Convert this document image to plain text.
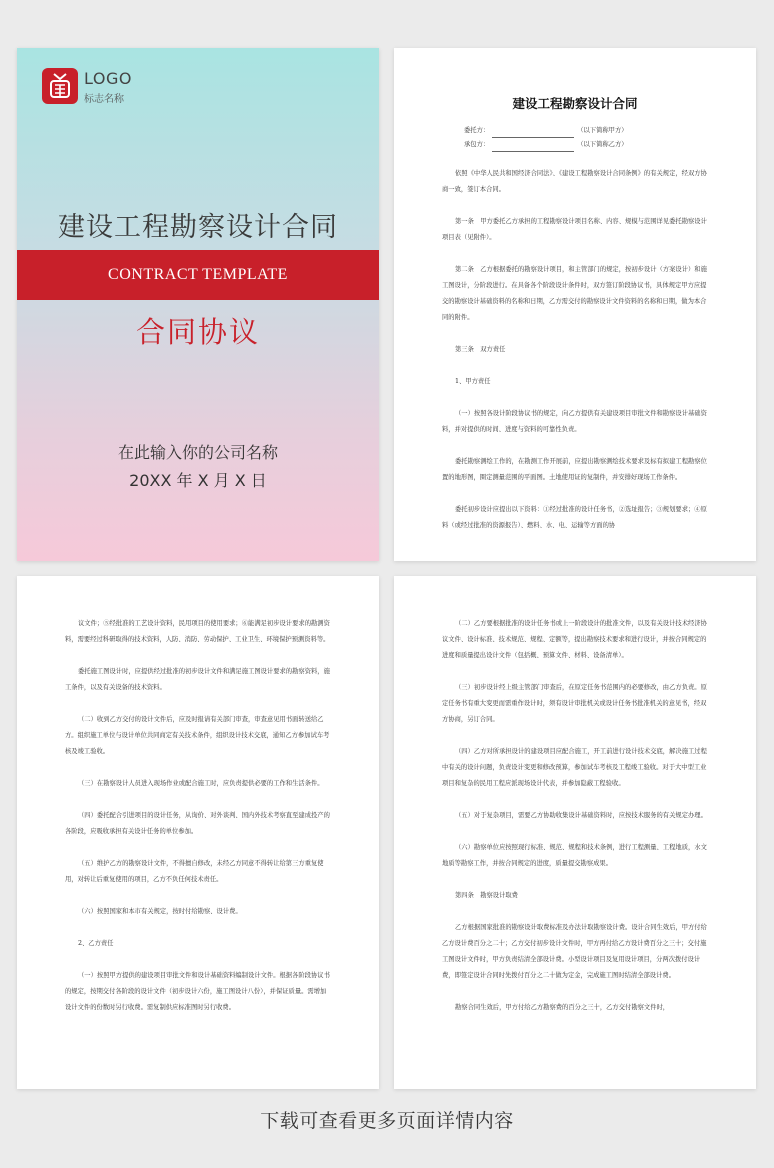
LOGO
标志名称
建设工程勘察设计合同
CONTRACT TEMPLATE
合同协议
在此输入你的公司名称
20XX 年 X 月 X 日
建设工程勘察设计合同
委托方：	（以下简称甲方）
承包方：	（以下简称乙方）

依照《中华人民共和国经济合同法》、《建设工程勘察设计合同条例》的有关规定，经双方协商一致，签订本合同。

第一条　甲方委托乙方承担的工程勘察设计项目名称、内容、规模与范围详见委托勘察设计项目表（见附件）。

第二条　乙方根据委托的勘察设计项目，和主管部门的规定，按初步设计（方案设计）和施工图设计，分阶段进行。在具备各个阶段设计条件时，双方签订阶段协议书，具体规定甲方应提交的勘察设计基础资料的名称和日期，乙方需交付的勘察设计文件资料的名称和日期，做为本合同的附件。

第三条　双方责任

1、甲方责任

（一）按照各设计阶段协议书的规定，向乙方提供有关建设项目审批文件和勘察设计基础资料，并对提供的时间、进度与资料的可靠性负责。

委托勘察测绘工作的，在勘测工作开展前，应提出勘察测绘技术要求及标有拟建工程勘察位置的地形图，圈定测量范围的平面图。土地使用证的复制件，并安排好现场工作条件。

委托初步设计应提出以下资料：①经过批准的设计任务书，②选址报告；③规划要求；④原料（或经过批准的资源报告）、燃料、水、电、运输等方面的协

议文件；⑤经批准的工艺设计资料，民用项目的使用要求；⑥能满足初步设计要求的勘测资料，需要经过科研取得的技术资料，人防、消防、劳动保护、工业卫生、环境保护预测资料等。

委托施工图设计时，应提供经过批准的初步设计文件和满足施工图设计要求的勘察资料，施工条件，以及有关设备的技术资料。

（二）收到乙方交付的设计文件后，应及时报请有关部门审查，审查意见用书面转送给乙方。组织施工单位与设计单位共同商定有关技术条件，组织设计技术交底，通知乙方参加试车考核及竣工验收。

（三）在勘察设计人员进入现场作业或配合施工时，应负责提供必要的工作和生活条件。

（四）委托配合引进项目的设计任务，从询价、对外谈判、国内外技术考察直至建成投产的各阶段，应吸收承担有关设计任务的单位参加。

（五）维护乙方的勘察设计文件，不得擅自修改，未经乙方同意不得转让给第三方重复使用，对转让后重复使用的项目，乙方不负任何技术责任。

（六）按照国家和本市有关规定，按时付给勘察、设计费。

2、乙方责任

（一）按照甲方提供的建设项目审批文件和设计基础资料编制设计文件。根据各阶段协议书的规定，按期交付各阶段的设计文件（初步设计六份，施工图设计八份），并保证质量。需增加设计文件的份数时另行收费。需复制供应标准图时另行收费。

（二）乙方要根据批准的设计任务书或上一阶段设计的批准文件，以及有关设计技术经济协议文件、设计标准、技术规范、规程、定额等，提出勘察技术要求和进行设计，并按合同规定的进度和质量提出设计文件（包括概、预算文件、材料、设备清单）。

（三）初步设计经上级主管部门审查后，在原定任务书范围内的必要修改，由乙方负责。原定任务书有重大变更而需重作设计时，须有设计审批机关或设计任务书批准机关的意见书，经双方协商，另订合同。

（四）乙方对所承担设计的建设项目应配合施工，开工前进行设计技术交底，解决施工过程中有关的设计问题，负责设计变更和修改预算，参加试车考核及工程竣工验收。对于大中型工业项目和复杂的民用工程应派现场设计代表，并参加隐蔽工程验收。

（五）对于复杂项目，需要乙方协助收集设计基础资料时，应按技术服务的有关规定办理。

（六）勘察单位应按照现行标准、规范、规程和技术条例，进行工程测量、工程地质，水文地质等勘察工作，并按合同规定的进度，质量提交勘察成果。

第四条　勘察设计取费

乙方根据国家批准的勘察设计取费标准及办法计取勘察设计费。设计合同生效后，甲方付给乙方设计费百分之二十；乙方交付初步设计文件时，甲方再付给乙方设计费百分之三十；交付施工图设计文件时，甲方负责结清全部设计费。小型设计项目及复用设计项目，分两次拨付设计费，即签定设计合同时先拨付百分之二十做为定金，完成施工图时结清全部设计费。

勘察合同生效后，甲方付给乙方勘察费的百分之三十，乙方交付勘察文件时，

下载可查看更多页面详情内容
